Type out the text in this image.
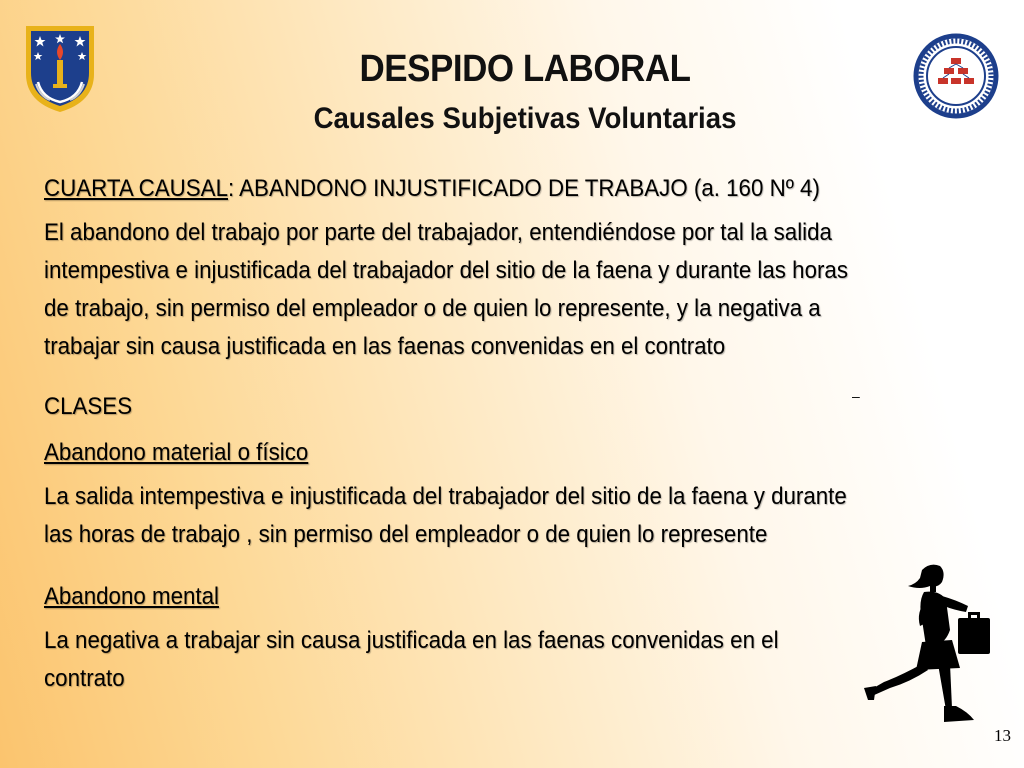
DESPIDO LABORAL
Causales Subjetivas Voluntarias
CUARTA CAUSAL: ABANDONO INJUSTIFICADO DE TRABAJO (a. 160 Nº 4)
El abandono del trabajo por parte del trabajador, entendiéndose por tal la salida
intempestiva e injustificada del trabajador del sitio de la faena y durante las horas
de trabajo, sin permiso del empleador o de quien lo represente, y la negativa a
trabajar sin causa justificada en las faenas convenidas en el contrato
CLASES	–
Abandono material o físico
La salida intempestiva e injustificada del trabajador del sitio de la faena y durante
las horas de trabajo , sin permiso del empleador o de quien lo represente
Abandono mental
La negativa a trabajar sin causa justificada en las faenas convenidas en el
contrato
13
